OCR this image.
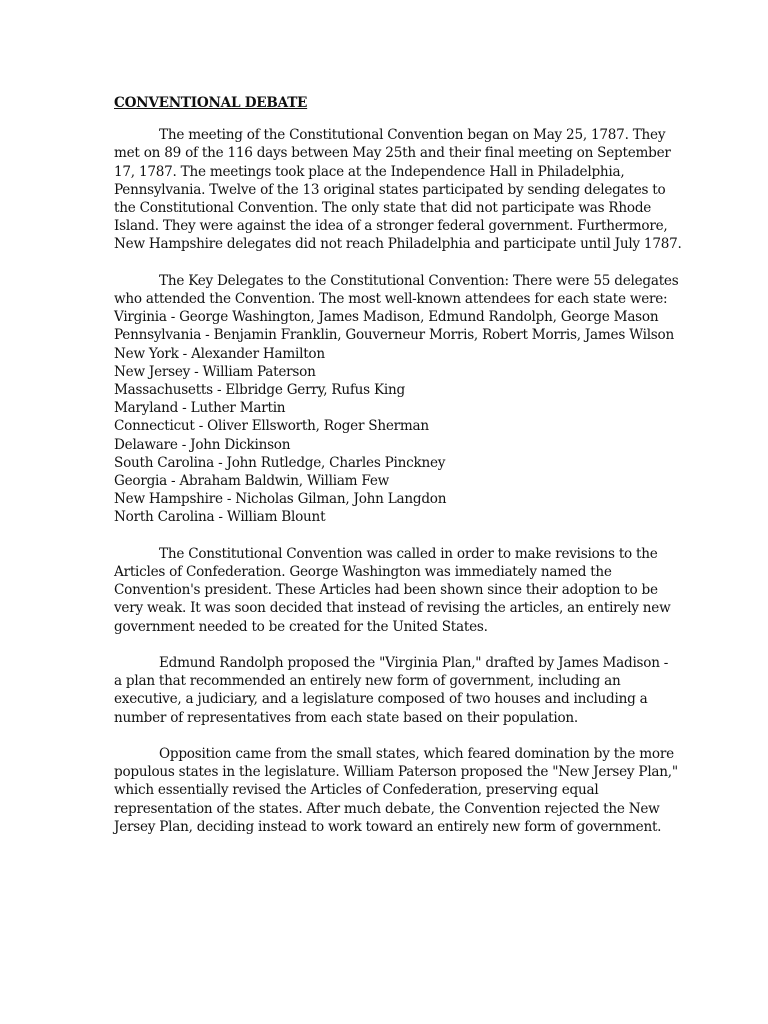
CONVENTIONAL DEBATE
The meeting of the Constitutional Convention began on May 25, 1787. They
met on 89 of the 116 days between May 25th and their final meeting on September
17, 1787. The meetings took place at the Independence Hall in Philadelphia,
Pennsylvania. Twelve of the 13 original states participated by sending delegates to
the Constitutional Convention. The only state that did not participate was Rhode
Island. They were against the idea of a stronger federal government. Furthermore,
New Hampshire delegates did not reach Philadelphia and participate until July 1787.
The Key Delegates to the Constitutional Convention: There were 55 delegates
who attended the Convention. The most well-known attendees for each state were:
Virginia - George Washington, James Madison, Edmund Randolph, George Mason
Pennsylvania - Benjamin Franklin, Gouverneur Morris, Robert Morris, James Wilson
New York - Alexander Hamilton
New Jersey - William Paterson
Massachusetts - Elbridge Gerry, Rufus King
Maryland - Luther Martin
Connecticut - Oliver Ellsworth, Roger Sherman
Delaware - John Dickinson
South Carolina - John Rutledge, Charles Pinckney
Georgia - Abraham Baldwin, William Few
New Hampshire - Nicholas Gilman, John Langdon
North Carolina - William Blount
The Constitutional Convention was called in order to make revisions to the
Articles of Confederation. George Washington was immediately named the
Convention's president. These Articles had been shown since their adoption to be
very weak. It was soon decided that instead of revising the articles, an entirely new
government needed to be created for the United States.
Edmund Randolph proposed the "Virginia Plan," drafted by James Madison -
a plan that recommended an entirely new form of government, including an
executive, a judiciary, and a legislature composed of two houses and including a
number of representatives from each state based on their population.
Opposition came from the small states, which feared domination by the more
populous states in the legislature. William Paterson proposed the "New Jersey Plan,"
which essentially revised the Articles of Confederation, preserving equal
representation of the states. After much debate, the Convention rejected the New
Jersey Plan, deciding instead to work toward an entirely new form of government.
